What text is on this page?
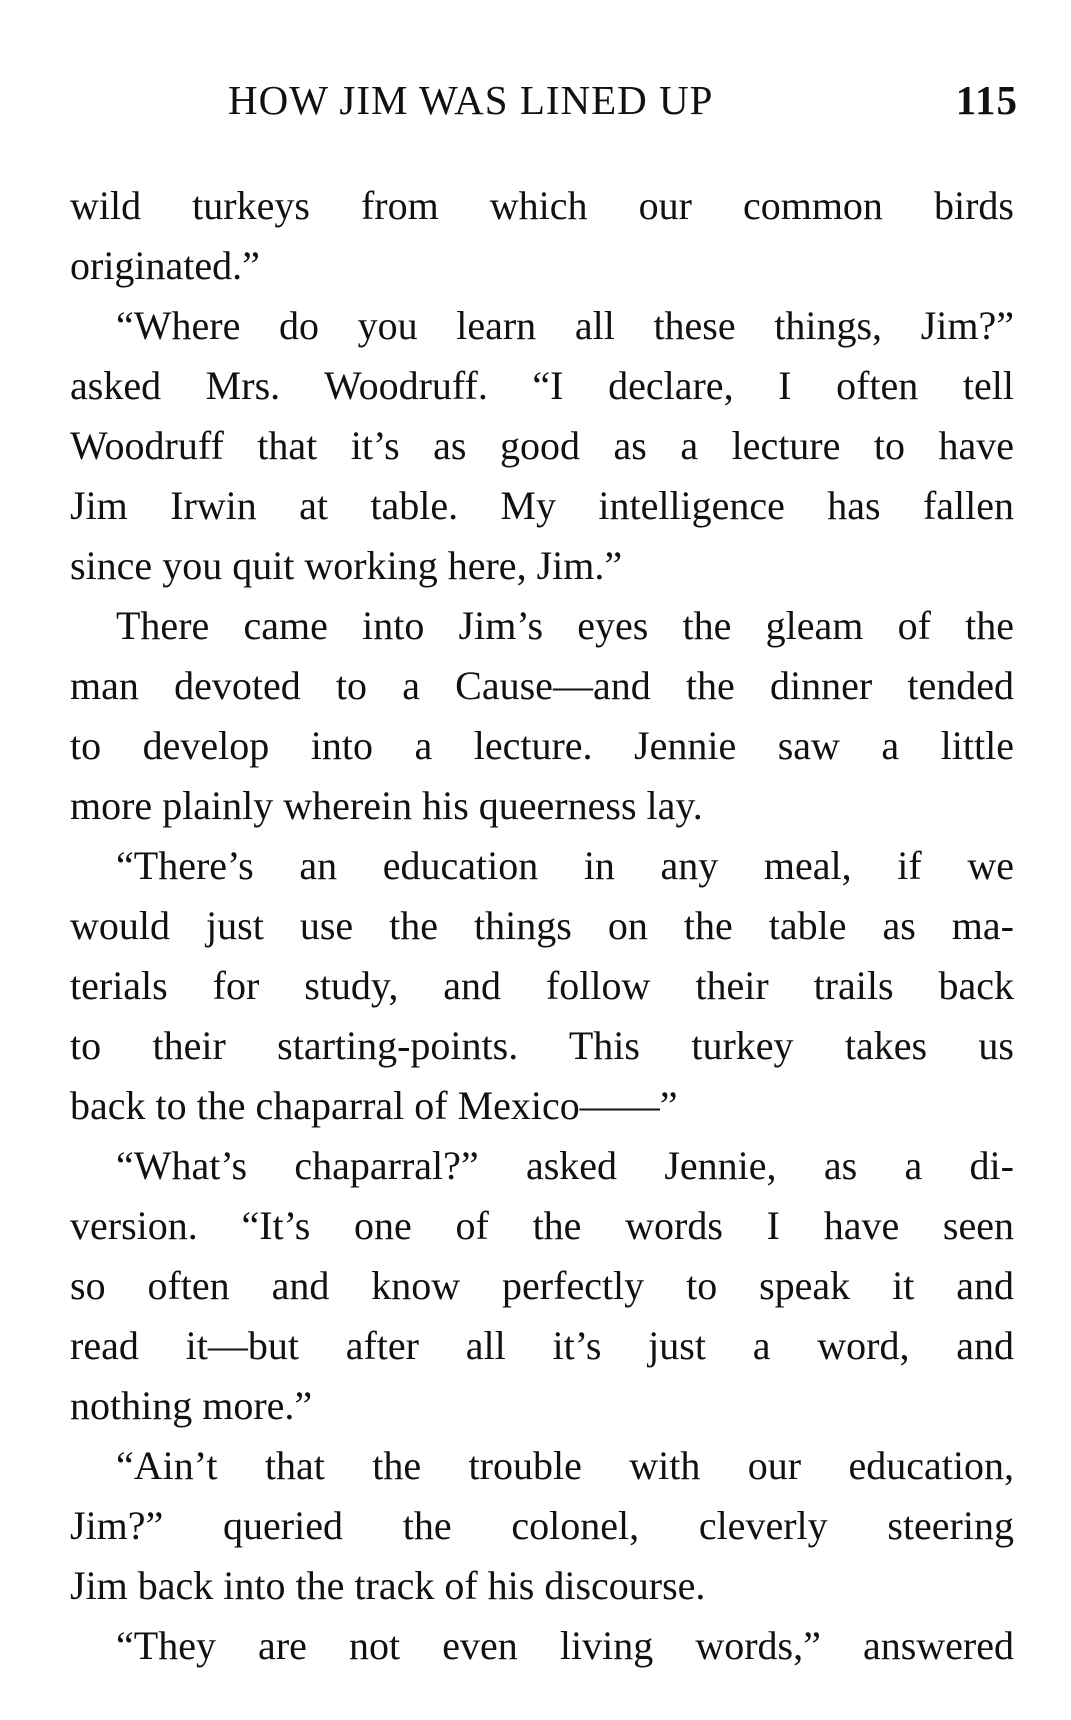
HOW JIM WAS LINED UP	115
wild turkeys from which our common birds
originated.”
“Where do you learn all these things, Jim?”
asked Mrs. Woodruff. “I declare, I often tell
Woodruff that it’s as good as a lecture to have
Jim Irwin at table. My intelligence has fallen
since you quit working here, Jim.”
There came into Jim’s eyes the gleam of the
man devoted to a Cause—and the dinner tended
to develop into a lecture. Jennie saw a little
more plainly wherein his queerness lay.
“There’s an education in any meal, if we
would just use the things on the table as ma-
terials for study, and follow their trails back
to their starting-points. This turkey takes us
back to the chaparral of Mexico——”
“What’s chaparral?” asked Jennie, as a di-
version. “It’s one of the words I have seen
so often and know perfectly to speak it and
read it—but after all it’s just a word, and
nothing more.”
“Ain’t that the trouble with our education,
Jim?” queried the colonel, cleverly steering
Jim back into the track of his discourse.
“They are not even living words,” answered
